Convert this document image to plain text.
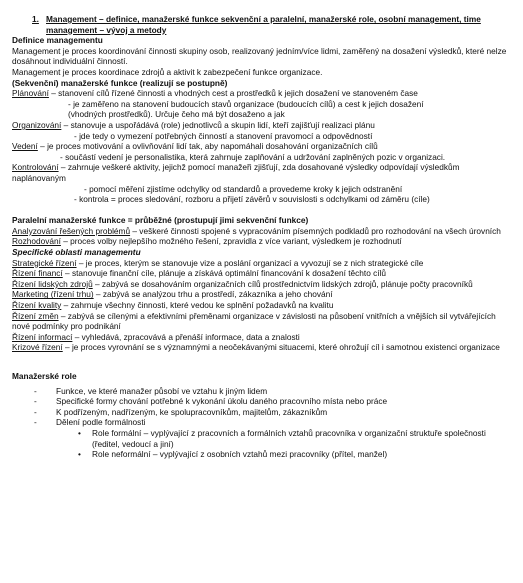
1. Management – definice, manažerské funkce sekvenční a paralelní, manažerské role, osobní management, time management – vývoj a metody
Definice managementu
Management je proces koordinování činnosti skupiny osob, realizovaný jedním/více lidmi, zaměřený na dosažení výsledků, které nelze dosáhnout individuální činností.
Management je proces koordinace zdrojů a aktivit k zabezpečení funkce organizace.
(Sekvenční) manažerské funkce (realizují se postupně)
Plánování – stanovení cílů řízené činnosti a vhodných cest a prostředků k jejich dosažení ve stanoveném čase
- je zaměřeno na stanovení budoucích stavů organizace (budoucích cílů) a cest k jejich dosažení
(vhodných prostředků). Určuje čeho má být dosaženo a jak
Organizování – stanovuje a uspořádává (role) jednotlivců a skupin lidí, kteří zajišťují realizaci plánu
- jde tedy o vymezení potřebných činností a stanovení pravomocí a odpovědností
Vedení – je proces motivování a ovlivňování lidí tak, aby napomáhali dosahování organizačních cílů
- součástí vedení je personalistika, která zahrnuje zaplňování a udržování zaplněných pozic v organizaci.
Kontrolování – zahrnuje veškeré aktivity, jejichž pomocí manažeři zjišťují, zda dosahované výsledky odpovídají výsledkům naplánovaným
- pomocí měření zjistíme odchylky od standardů a provedeme kroky k jejich odstranění
- kontrola = proces sledování, rozboru a přijetí závěrů v souvislosti s odchylkami od záměru (cíle)
Paralelní manažerské funkce = průběžné (prostupují jimi sekvenční funkce)
Analyzování řešených problémů – veškeré činnosti spojené s vypracováním písemných podkladů pro rozhodování na všech úrovních
Rozhodování – proces volby nejlepšího možného řešení, zpravidla z více variant, výsledkem je rozhodnutí
Specifické oblasti managementu
Strategické řízení – je proces, kterým se stanovuje vize a poslání organizací a vyvozují se z nich strategické cíle
Řízení financí – stanovuje finanční cíle, plánuje a získává optimální financování k dosažení těchto cílů
Řízení lidských zdrojů – zabývá se dosahováním organizačních cílů prostřednictvím lidských zdrojů, plánuje počty pracovníků
Marketing (řízení trhu) – zabývá se analýzou trhu a prostředí, zákazníka a jeho chování
Řízení kvality – zahrnuje všechny činnosti, které vedou ke splnění požadavků na kvalitu
Řízení změn – zabývá se cílenými a efektivními přeměnami organizace v závislosti na působení vnitřních a vnějších sil vytvářejících nové podmínky pro podnikání
Řízení informací – vyhledává, zpracovává a přenáší informace, data a znalosti
Krizové řízení – je proces vyrovnání se s významnými a neočekávanými situacemi, které ohrožují cíl i samotnou existenci organizace
Manažerské role
-	Funkce, ve které manažer působí ve vztahu k jiným lidem
-	Specifické formy chování potřebné k vykonání úkolu daného pracovního místa nebo práce
-	K podřízeným, nadřízeným, ke spolupracovníkům, majitelům, zákazníkům
-	Dělení podle formálnosti
•	Role formální – vyplývající z pracovních a formálních vztahů pracovníka v organizační struktuře společnosti (ředitel, vedoucí a jiní)
•	Role neformální – vyplývající z osobních vztahů mezi pracovníky (přítel, manžel)
